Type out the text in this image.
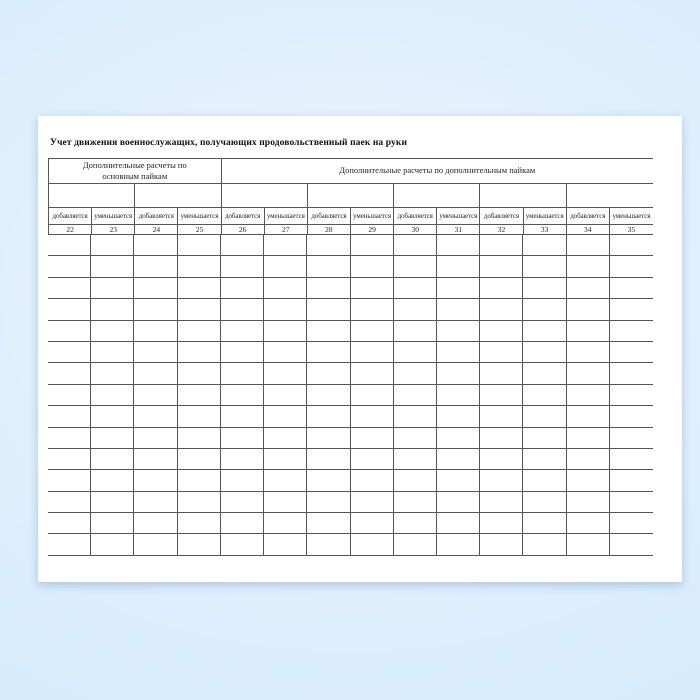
Учет движения военнослужащих, получающих продовольственный паек на руки
Дополнительные расчеты по основным пайкам
Дополнительные расчеты по дополнительным пайкам
добавляется уменьшается добавляется уменьшается добавляется уменьшается добавляется уменьшается добавляется уменьшается добавляется уменьшается добавляется	уменьшается
22	23	24	25	26	27	28	29	30	31	32	33	34	35
